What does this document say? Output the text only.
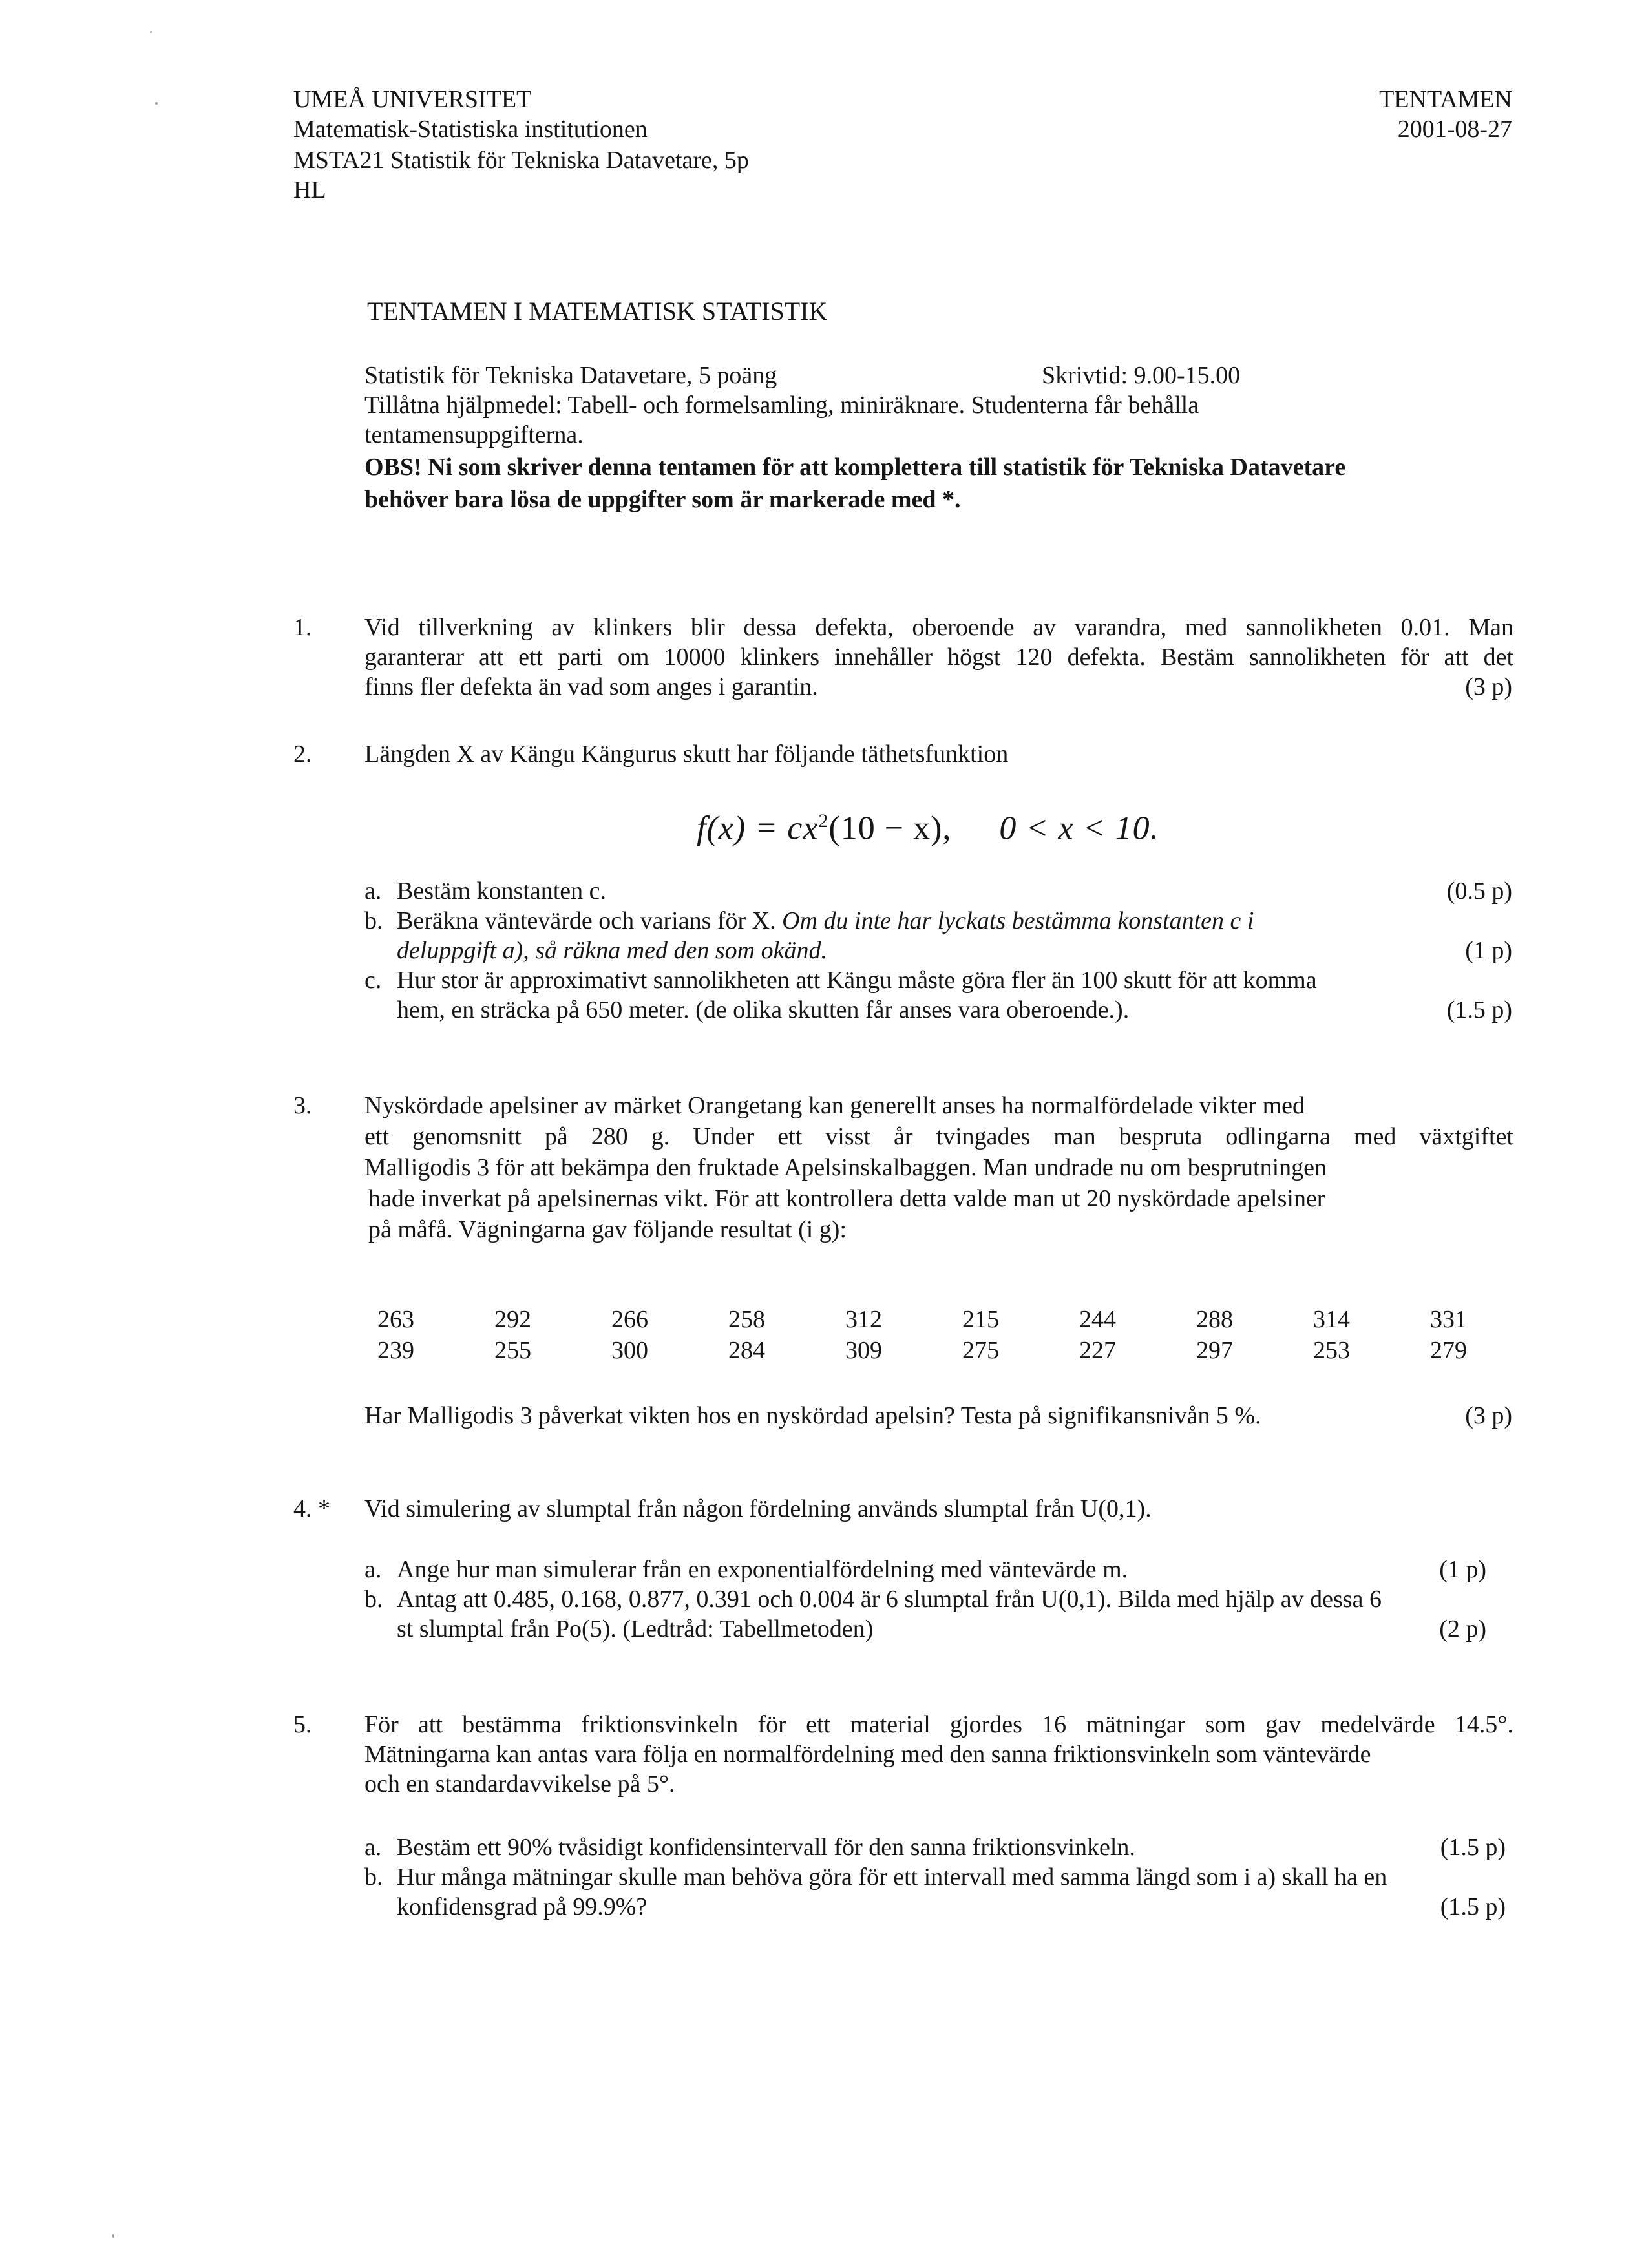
UMEÅ UNIVERSITET
Matematisk-Statistiska institutionen
MSTA21 Statistik för Tekniska Datavetare, 5p
HL
TENTAMEN
2001-08-27
TENTAMEN I MATEMATISK STATISTIK
Statistik för Tekniska Datavetare, 5 poäng	Skrivtid: 9.00-15.00
Tillåtna hjälpmedel: Tabell- och formelsamling, miniräknare. Studenterna får behålla
tentamensuppgifterna.
OBS! Ni som skriver denna tentamen för att komplettera till statistik för Tekniska Datavetare
behöver bara lösa de uppgifter som är markerade med *.
1. Vid tillverkning av klinkers blir dessa defekta, oberoende av varandra, med sannolikheten 0.01. Man
garanterar att ett parti om 10000 klinkers innehåller högst 120 defekta. Bestäm sannolikheten för att det
finns fler defekta än vad som anges i garantin.	(3 p)
2. Längden X av Kängu Kängurus skutt har följande täthetsfunktion
$f(x) = cx^2(10 - x)$, 0 < x < 10.
a. Bestäm konstanten c.	(0.5 p)
b. Beräkna väntevärde och varians för X. Om du inte har lyckats bestämma konstanten c i
deluppgift a), så räkna med den som okänd.	(1 p)
c. Hur stor är approximativt sannolikheten att Kängu måste göra fler än 100 skutt för att komma
hem, en sträcka på 650 meter. (de olika skutten får anses vara oberoende.).	(1.5 p)
3. Nyskördade apelsiner av märket Orangetang kan generellt anses ha normalfördelade vikter med
ett genomsnitt på 280 g. Under ett visst år tvingades man bespruta odlingarna med växtgiftet
Malligodis 3 för att bekämpa den fruktade Apelsinskalbaggen. Man undrade nu om besprutningen
hade inverkat på apelsinernas vikt. För att kontrollera detta valde man ut 20 nyskördade apelsiner
på måfå. Vägningarna gav följande resultat (i g):
263	292	266	258	312	215	244	288	314	331
239	255	300	284	309	275	227	297	253	279
Har Malligodis 3 påverkat vikten hos en nyskördad apelsin? Testa på signifikansnivån 5 %.	(3 p)
4. * Vid simulering av slumptal från någon fördelning används slumptal från U(0,1).
a. Ange hur man simulerar från en exponentialfördelning med väntevärde m.	(1 p)
b. Antag att 0.485, 0.168, 0.877, 0.391 och 0.004 är 6 slumptal från U(0,1). Bilda med hjälp av dessa 6
st slumptal från Po(5). (Ledtråd: Tabellmetoden)	(2 p)
5. För att bestämma friktionsvinkeln för ett material gjordes 16 mätningar som gav medelvärde 14.5°.
Mätningarna kan antas vara följa en normalfördelning med den sanna friktionsvinkeln som väntevärde
och en standardavvikelse på 5°.
a. Bestäm ett 90% tvåsidigt konfidensintervall för den sanna friktionsvinkeln.	(1.5 p)
b. Hur många mätningar skulle man behöva göra för ett intervall med samma längd som i a) skall ha en
konfidensgrad på 99.9%?	(1.5 p)
